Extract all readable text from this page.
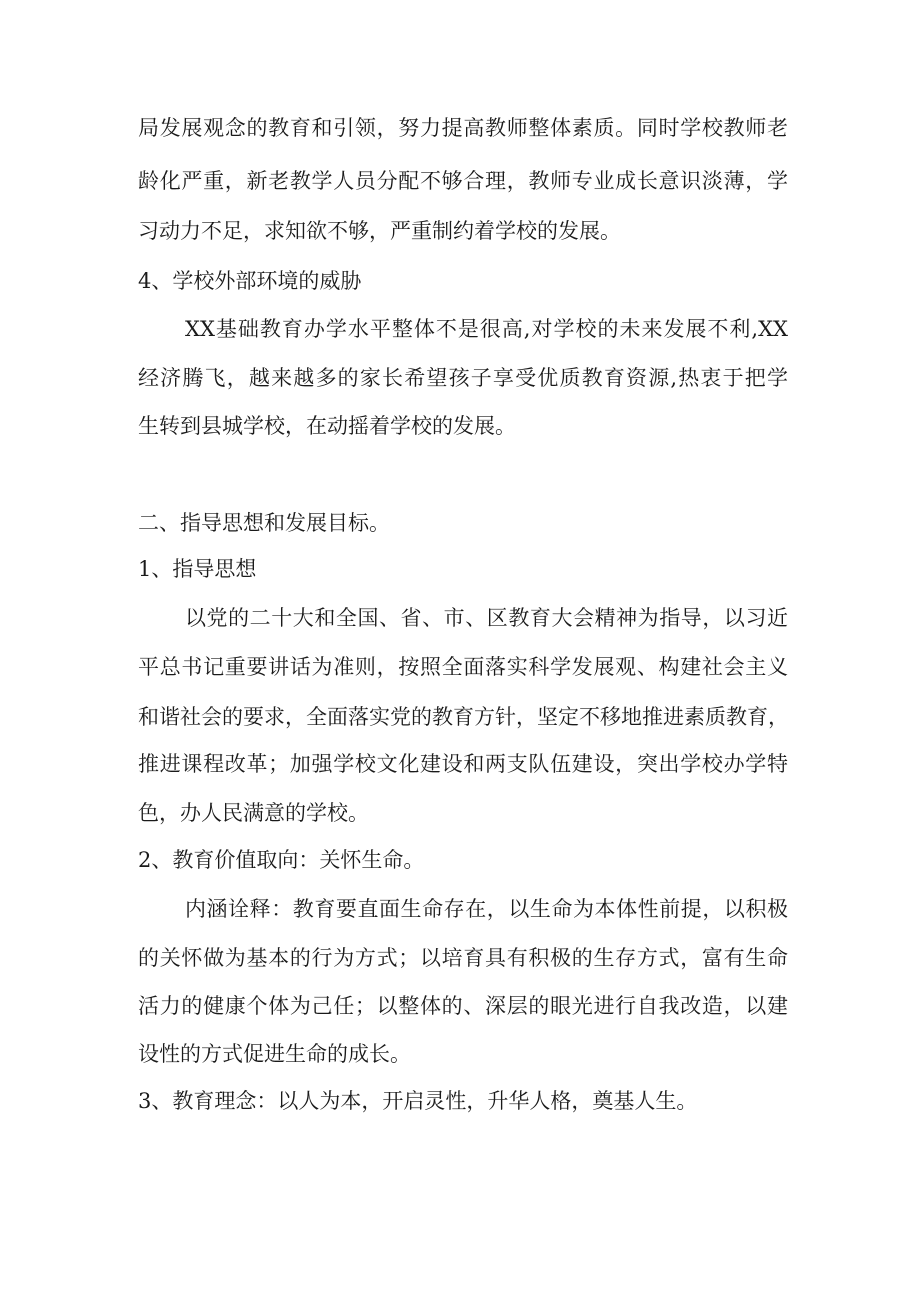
局发展观念的教育和引领，努力提高教师整体素质。同时学校教师老
龄化严重，新老教学人员分配不够合理，教师专业成长意识淡薄，学
习动力不足，求知欲不够，严重制约着学校的发展。
4、学校外部环境的威胁
XX基础教育办学水平整体不是很高,对学校的未来发展不利,XX
经济腾飞，越来越多的家长希望孩子享受优质教育资源,热衷于把学
生转到县城学校，在动摇着学校的发展。
二、指导思想和发展目标。
1、指导思想
以党的二十大和全国、省、市、区教育大会精神为指导，以习近
平总书记重要讲话为准则，按照全面落实科学发展观、构建社会主义
和谐社会的要求，全面落实党的教育方针，坚定不移地推进素质教育，
推进课程改革；加强学校文化建设和两支队伍建设，突出学校办学特
色，办人民满意的学校。
2、教育价值取向：关怀生命。
内涵诠释：教育要直面生命存在，以生命为本体性前提，以积极
的关怀做为基本的行为方式；以培育具有积极的生存方式，富有生命
活力的健康个体为己任；以整体的、深层的眼光进行自我改造，以建
设性的方式促进生命的成长。
3、教育理念：以人为本，开启灵性，升华人格，奠基人生。
